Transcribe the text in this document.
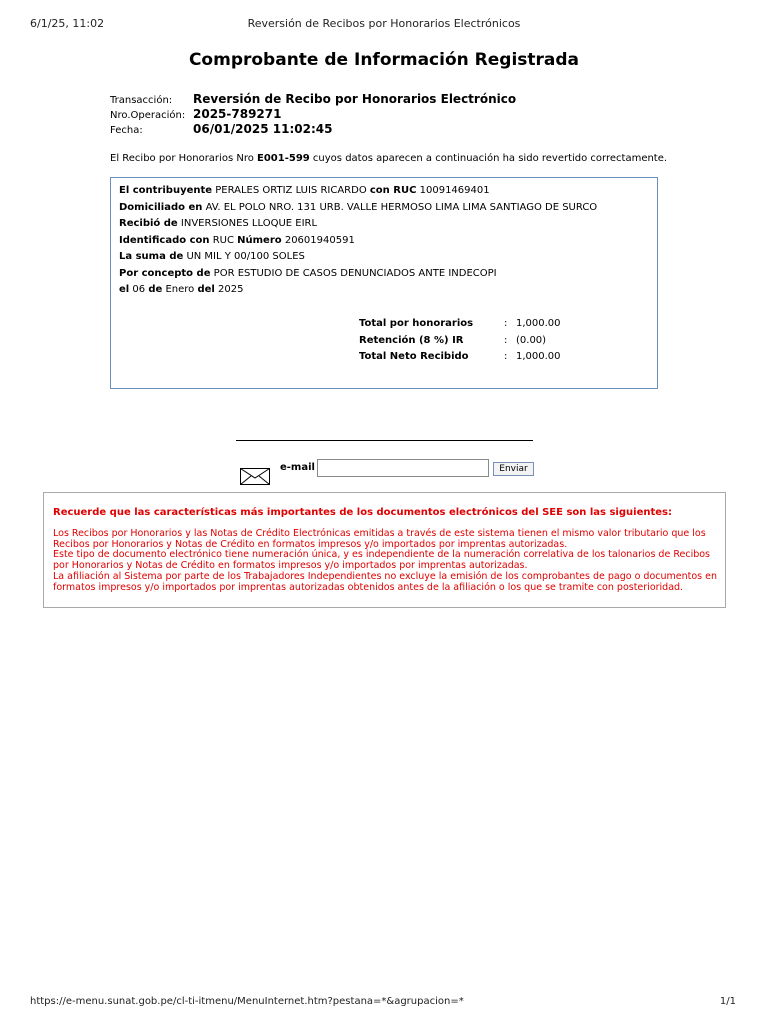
6/1/25, 11:02	Reversión de Recibos por Honorarios Electrónicos
Comprobante de Información Registrada
Transacción:	Reversión de Recibo por Honorarios Electrónico
Nro.Operación: 2025-789271
Fecha:	06/01/2025 11:02:45
El Recibo por Honorarios Nro E001-599 cuyos datos aparecen a continuación ha sido revertido correctamente.
El contribuyente PERALES ORTIZ LUIS RICARDO con RUC 10091469401
Domiciliado en AV. EL POLO NRO. 131 URB. VALLE HERMOSO LIMA LIMA SANTIAGO DE SURCO
Recibió de INVERSIONES LLOQUE EIRL
Identificado con RUC Número 20601940591
La suma de UN MIL Y 00/100 SOLES
Por concepto de POR ESTUDIO DE CASOS DENUNCIADOS ANTE INDECOPI
el 06 de Enero del 2025
Total por honorarios	: 1,000.00
Retención (8 %) IR	: (0.00)
Total Neto Recibido	: 1,000.00
e-mail	Enviar
Recuerde que las características más importantes de los documentos electrónicos del SEE son las siguientes:
Los Recibos por Honorarios y las Notas de Crédito Electrónicas emitidas a través de este sistema tienen el mismo valor tributario que los Recibos por Honorarios y Notas de Crédito en formatos impresos y/o importados por imprentas autorizadas.
Este tipo de documento electrónico tiene numeración única, y es independiente de la numeración correlativa de los talonarios de Recibos por Honorarios y Notas de Crédito en formatos impresos y/o importados por imprentas autorizadas.
La afiliación al Sistema por parte de los Trabajadores Independientes no excluye la emisión de los comprobantes de pago o documentos en formatos impresos y/o importados por imprentas autorizadas obtenidos antes de la afiliación o los que se tramite con posterioridad.
https://e-menu.sunat.gob.pe/cl-ti-itmenu/MenuInternet.htm?pestana=*&agrupacion=*	1/1
